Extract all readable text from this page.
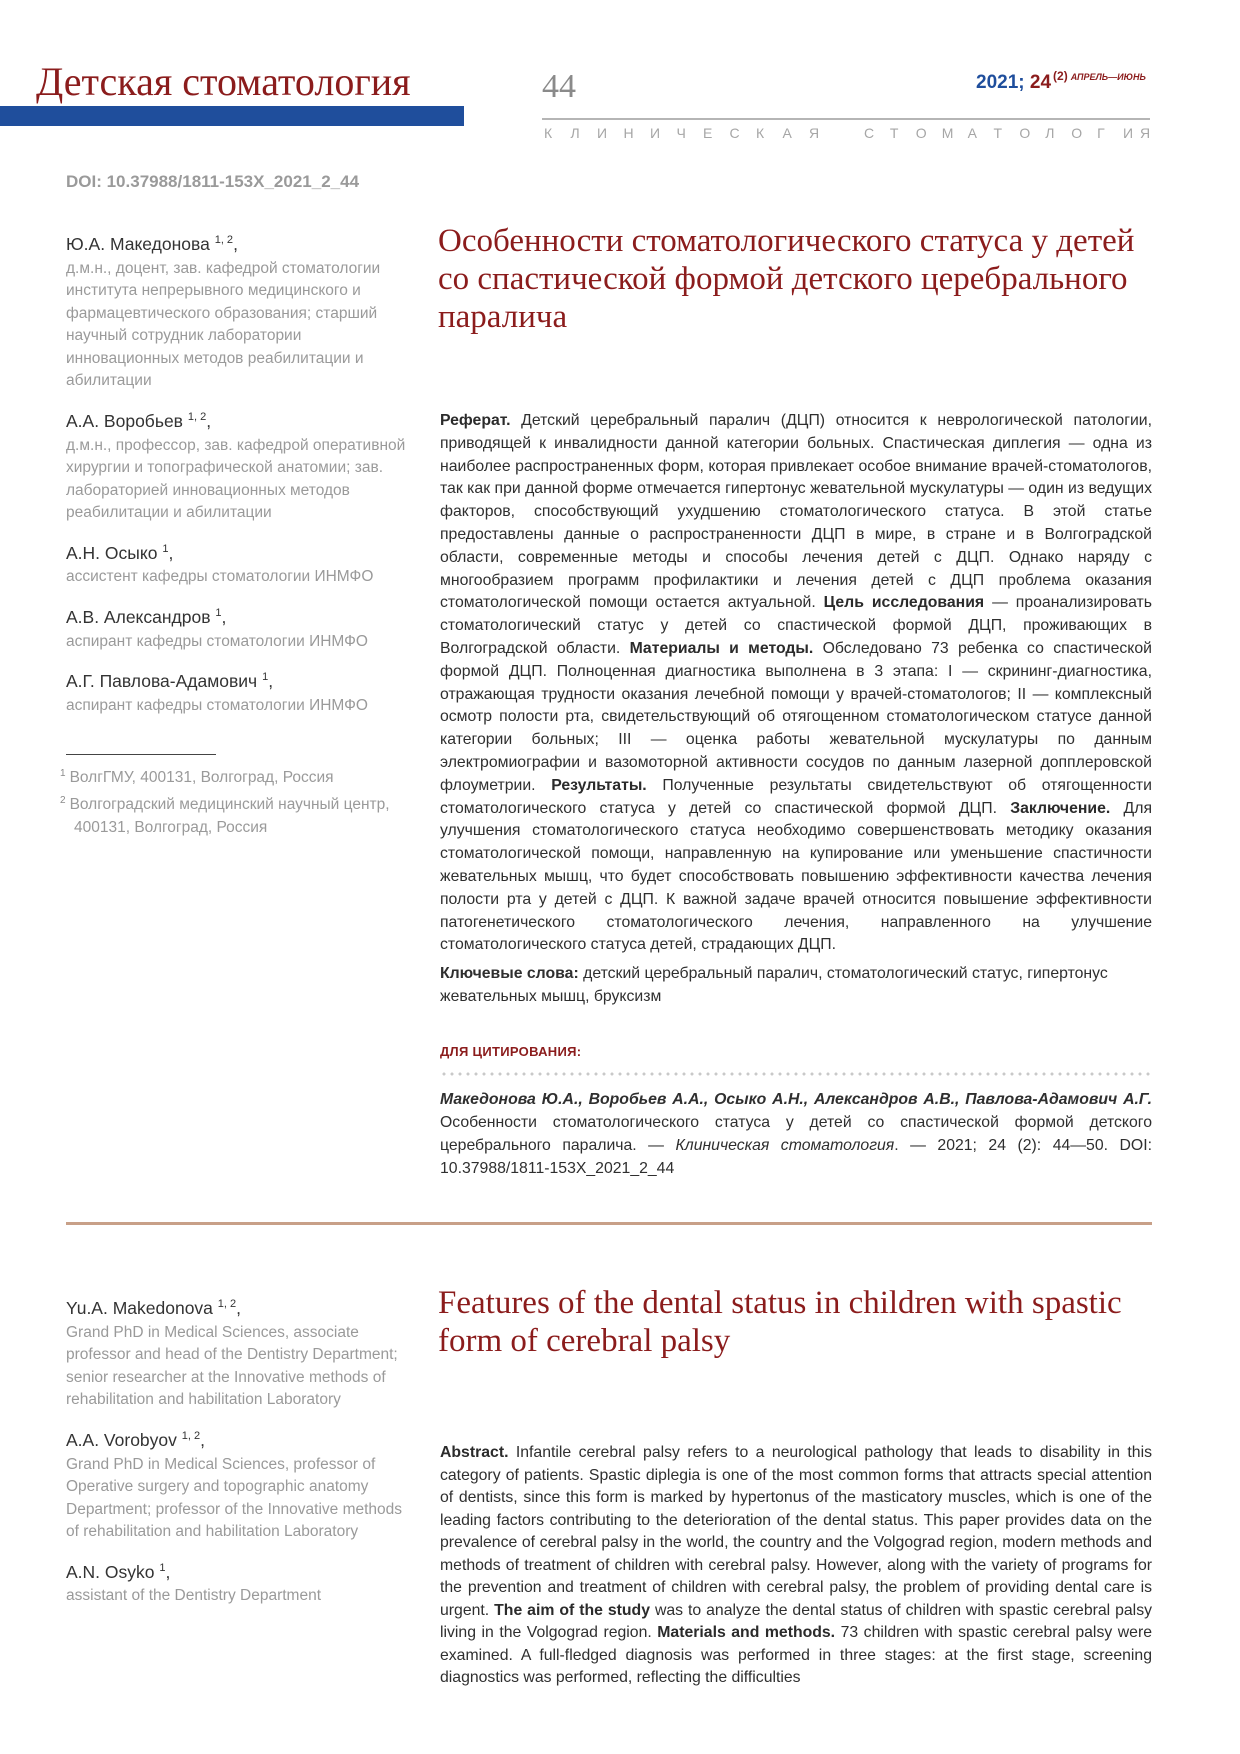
Детская стоматология	44	2021; 24 $^{(2)}$ $^{АПРЕЛЬ—ИЮНЬ}$
К Л И Н И Ч Е С К А Я	С Т О М А Т О Л О Г И Я
DOI: 10.37988/1811-153X_2021_2_44
Ю.А. Македонова $^{1, 2}$,
д.м.н., доцент, зав. кафедрой стоматологии института непрерывного медицинского и фармацевтического образования; старший научный сотрудник лаборатории инновационных методов реабилитации и абилитации
А.А. Воробьев $^{1, 2}$,
д.м.н., профессор, зав. кафедрой оперативной хирургии и топографической анатомии; зав. лабораторией инновационных методов реабилитации и абилитации
А.Н. Осыко $^1$,
ассистент кафедры стоматологии ИНМФО
А.В. Александров $^1$,
аспирант кафедры стоматологии ИНМФО
А.Г. Павлова-Адамович $^1$,
аспирант кафедры стоматологии ИНМФО
$^1$ ВолгГМУ, 400131, Волгоград, Россия
$^2$ Волгоградский медицинский научный центр, 400131, Волгоград, Россия
Особенности стоматологического статуса у детей со спастической формой детского церебрального паралича
Реферат. Детский церебральный паралич (ДЦП) относится к неврологической патологии, приводящей к инвалидности данной категории больных. Спастическая диплегия — одна из наиболее распространенных форм, которая привлекает особое внимание врачей-стоматологов, так как при данной форме отмечается гипертонус жевательной мускулатуры — один из ведущих факторов, способствующий ухудшению стоматологического статуса. В этой статье предоставлены данные о распространенности ДЦП в мире, в стране и в Волгоградской области, современные методы и способы лечения детей с ДЦП. Однако наряду с многообразием программ профилактики и лечения детей с ДЦП проблема оказания стоматологической помощи остается актуальной. Цель исследования — проанализировать стоматологический статус у детей со спастической формой ДЦП, проживающих в Волгоградской области. Материалы и методы. Обследовано 73 ребенка со спастической формой ДЦП. Полноценная диагностика выполнена в 3 этапа: I — скрининг-диагностика, отражающая трудности оказания лечебной помощи у врачей-стоматологов; II — комплексный осмотр полости рта, свидетельствующий об отягощенном стоматологическом статусе данной категории больных; III — оценка работы жевательной мускулатуры по данным электромиографии и вазомоторной активности сосудов по данным лазерной допплеровской флоуметрии. Результаты. Полученные результаты свидетельствуют об отягощенности стоматологического статуса у детей со спастической формой ДЦП. Заключение. Для улучшения стоматологического статуса необходимо совершенствовать методику оказания стоматологической помощи, направленную на купирование или уменьшение спастичности жевательных мышц, что будет способствовать повышению эффективности качества лечения полости рта у детей с ДЦП. К важной задаче врачей относится повышение эффективности патогенетического стоматологического лечения, направленного на улучшение стоматологического статуса детей, страдающих ДЦП.
Ключевые слова: детский церебральный паралич, стоматологический статус, гипертонус жевательных мышц, бруксизм
ДЛЯ ЦИТИРОВАНИЯ:
Македонова Ю.А., Воробьев А.А., Осыко А.Н., Александров А.В., Павлова-Адамович А.Г. Особенности стоматологического статуса у детей со спастической формой детского церебрального паралича. — Клиническая стоматология. — 2021; 24 (2): 44—50. DOI: 10.37988/1811-153X_2021_2_44
Yu.A. Makedonova $^{1, 2}$,
Grand PhD in Medical Sciences, associate professor and head of the Dentistry Department; senior researcher at the Innovative methods of rehabilitation and habilitation Laboratory
A.A. Vorobyov $^{1, 2}$,
Grand PhD in Medical Sciences, professor of Operative surgery and topographic anatomy Department; professor of the Innovative methods of rehabilitation and habilitation Laboratory
A.N. Osyko $^1$,
assistant of the Dentistry Department
Features of the dental status in children with spastic form of cerebral palsy
Abstract. Infantile cerebral palsy refers to a neurological pathology that leads to disability in this category of patients. Spastic diplegia is one of the most common forms that attracts special attention of dentists, since this form is marked by hypertonus of the masticatory muscles, which is one of the leading factors contributing to the deterioration of the dental status. This paper provides data on the prevalence of cerebral palsy in the world, the country and the Volgograd region, modern methods and methods of treatment of children with cerebral palsy. However, along with the variety of programs for the prevention and treatment of children with cerebral palsy, the problem of providing dental care is urgent. The aim of the study was to analyze the dental status of children with spastic cerebral palsy living in the Volgograd region. Materials and methods. 73 children with spastic cerebral palsy were examined. A full-fledged diagnosis was performed in three stages: at the first stage, screening diagnostics was performed, reflecting the difficulties
